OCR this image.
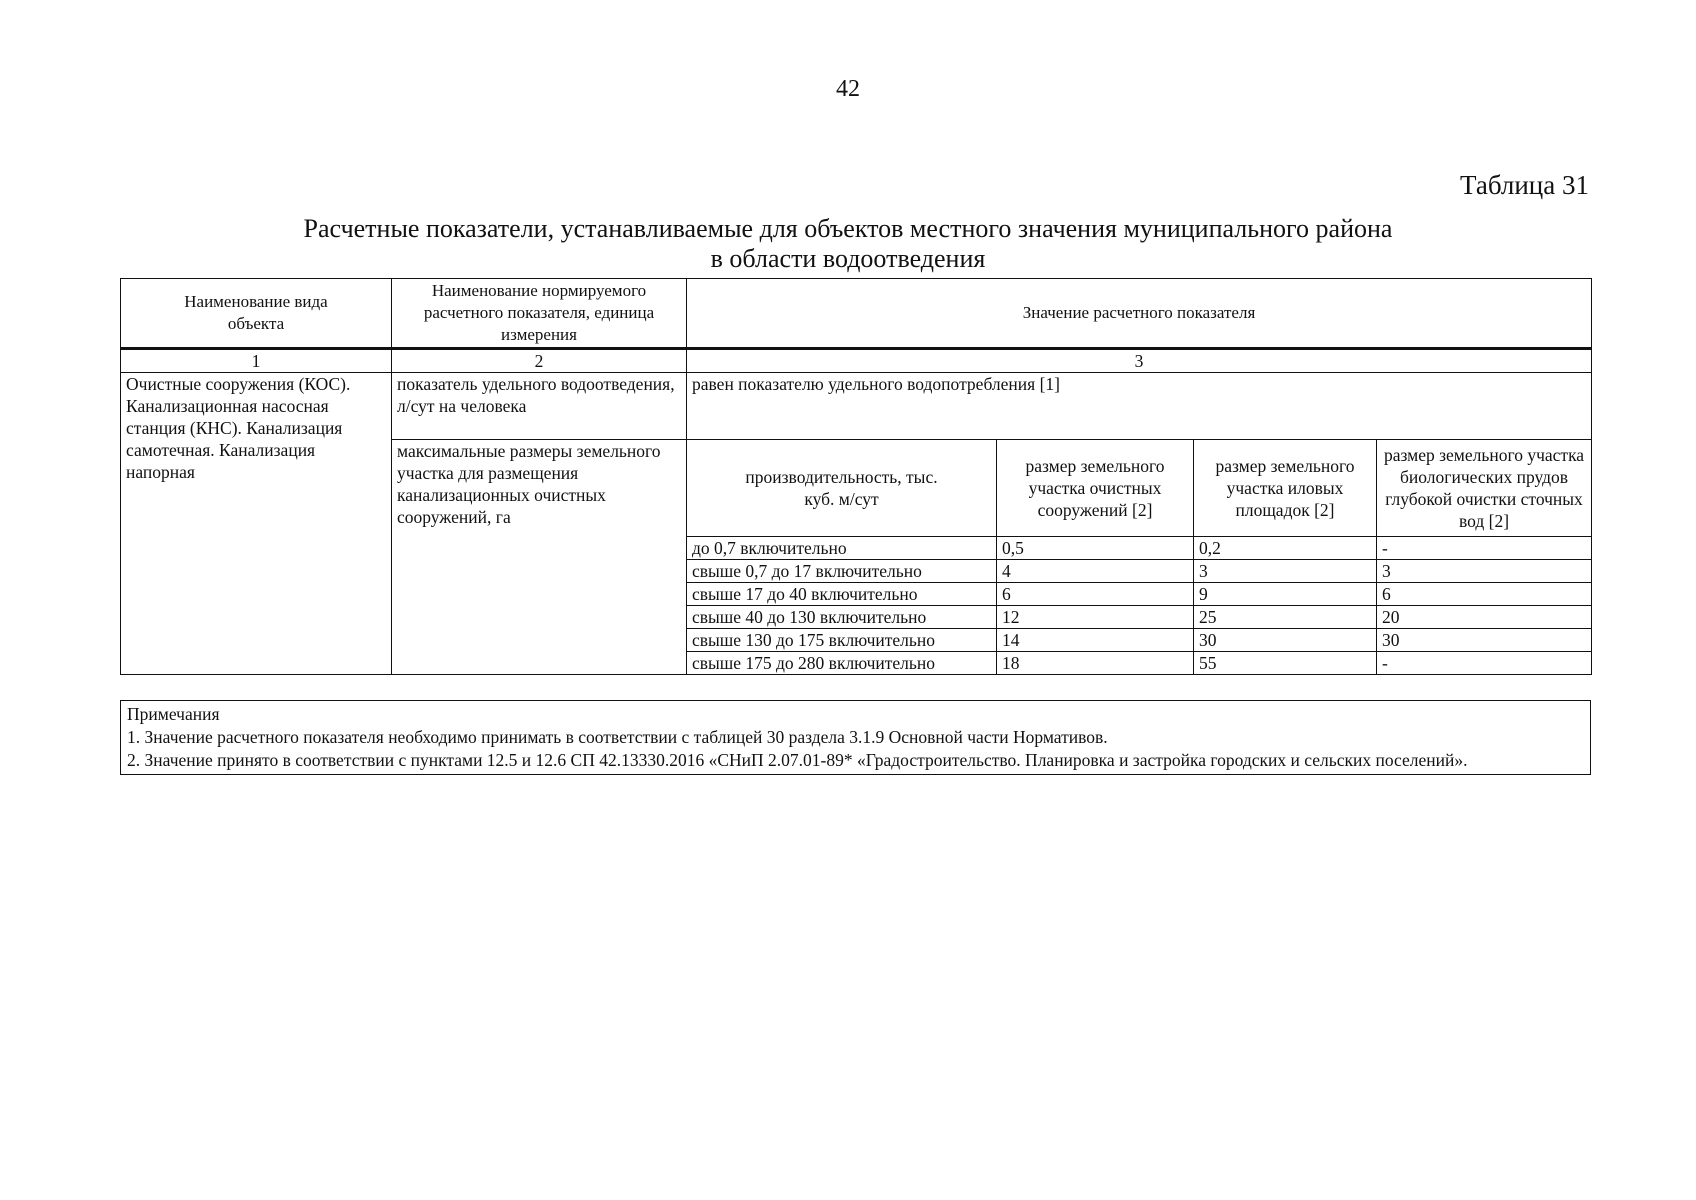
42
Таблица 31
Расчетные показатели, устанавливаемые для объектов местного значения муниципального района
в области водоотведения
Наименование вида объекта	Наименование нормируемого расчетного показателя, единица измерения	Значение расчетного показателя			
1	2	3			
Очистные сооружения (КОС). Канализационная насосная станция (КНС). Канализация самотечная. Канализация напорная	показатель удельного водоотведения, л/сут на человека	равен показателю удельного водопотребления [1]			
	максимальные размеры земельного участка для размещения канализационных очистных сооружений, га	производительность, тыс. куб. м/сут	размер земельного участка очистных сооружений [2]	размер земельного участка иловых площадок [2]	размер земельного участка биологических прудов глубокой очистки сточных вод [2]
		до 0,7 включительно	0,5	0,2	-
		свыше 0,7 до 17 включительно	4	3	3
		свыше 17 до 40 включительно	6	9	6
		свыше 40 до 130 включительно	12	25	20
		свыше 130 до 175 включительно	14	30	30
		свыше 175 до 280 включительно	18	55	-
Примечания
1. Значение расчетного показателя необходимо принимать в соответствии с таблицей 30 раздела 3.1.9 Основной части Нормативов.
2. Значение принято в соответствии с пунктами 12.5 и 12.6 СП 42.13330.2016 «СНиП 2.07.01-89* «Градостроительство. Планировка и застройка городских и сельских поселений».
